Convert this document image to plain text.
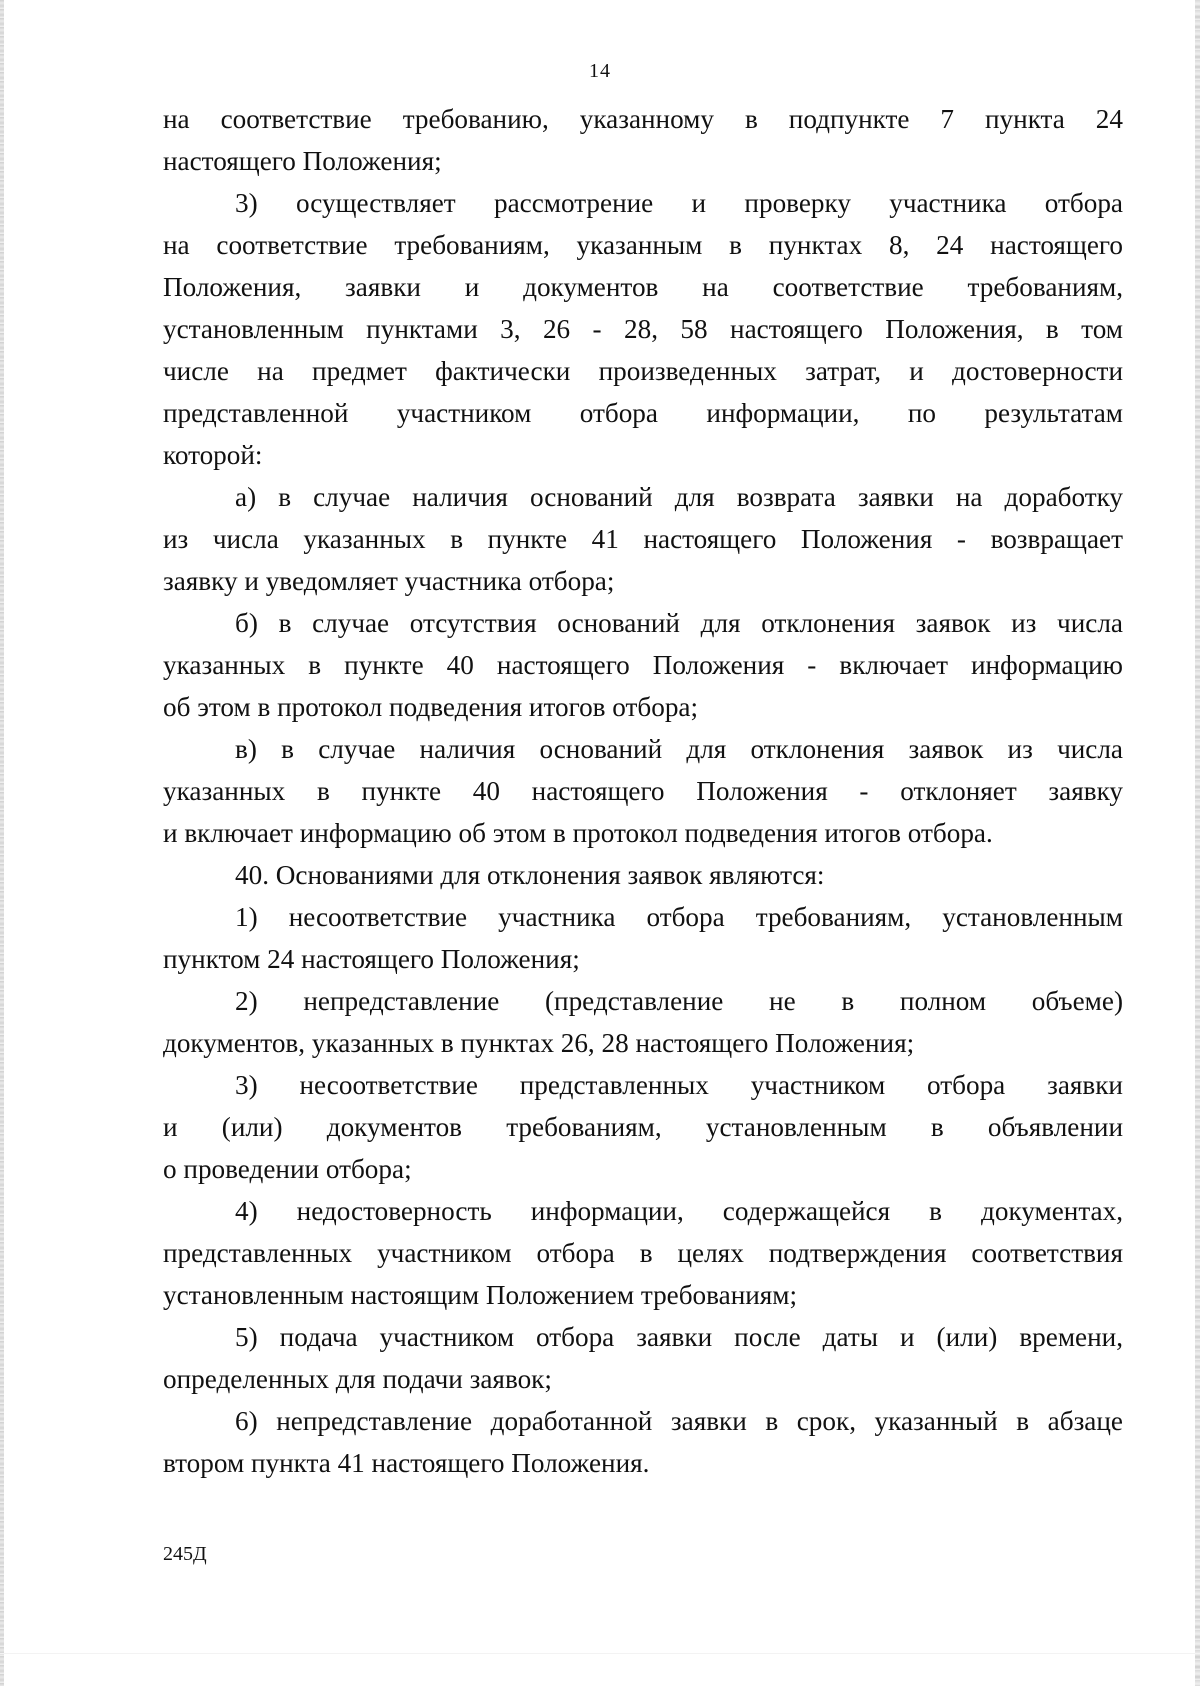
14

на соответствие требованию, указанному в подпункте 7 пункта 24
настоящего Положения;

3) осуществляет рассмотрение и проверку участника отбора
на соответствие требованиям, указанным в пунктах 8, 24 настоящего
Положения, заявки и документов на соответствие требованиям,
установленным пунктами 3, 26 - 28, 58 настоящего Положения, в том
числе на предмет фактически произведенных затрат, и достоверности
представленной участником отбора информации, по результатам
которой:

а) в случае наличия оснований для возврата заявки на доработку
из числа указанных в пункте 41 настоящего Положения - возвращает
заявку и уведомляет участника отбора;

б) в случае отсутствия оснований для отклонения заявок из числа
указанных в пункте 40 настоящего Положения - включает информацию
об этом в протокол подведения итогов отбора;

в) в случае наличия оснований для отклонения заявок из числа
указанных в пункте 40 настоящего Положения - отклоняет заявку
и включает информацию об этом в протокол подведения итогов отбора.

40. Основаниями для отклонения заявок являются:

1) несоответствие участника отбора требованиям, установленным
пунктом 24 настоящего Положения;

2) непредставление (представление не в полном объеме)
документов, указанных в пунктах 26, 28 настоящего Положения;

3) несоответствие представленных участником отбора заявки
и (или) документов требованиям, установленным в объявлении
о проведении отбора;

4) недостоверность информации, содержащейся в документах,
представленных участником отбора в целях подтверждения соответствия
установленным настоящим Положением требованиям;

5) подача участником отбора заявки после даты и (или) времени,
определенных для подачи заявок;

6) непредставление доработанной заявки в срок, указанный в абзаце
втором пункта 41 настоящего Положения.

245Д
